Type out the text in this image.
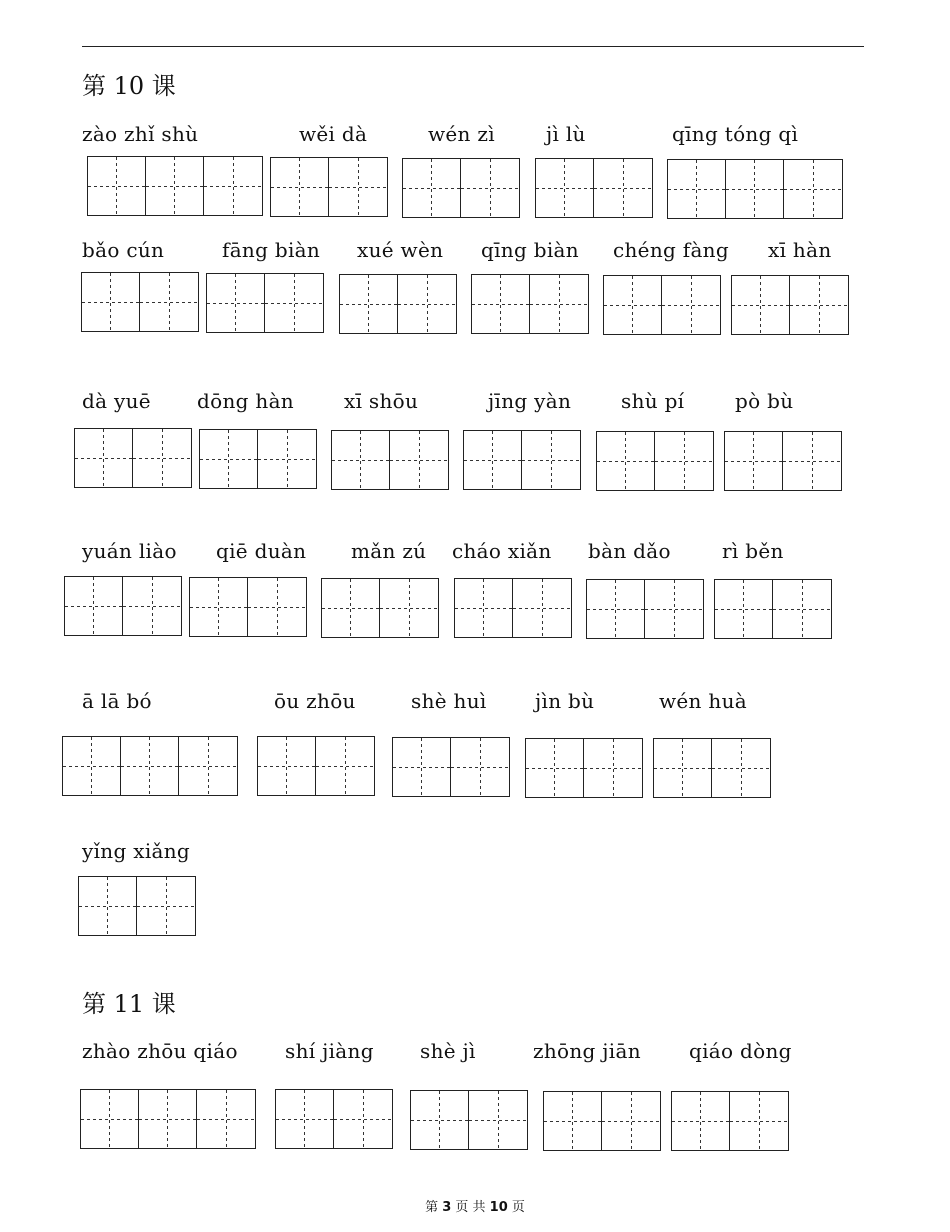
第 10 课
第 11 课
zào zhǐ shù	wěi dà	wén zì	jì lù	qīng tóng qì
bǎo cún	fāng biàn xué wèn qīng biàn chéng fàng xī hàn
dà yuē dōng hàn	xī shōu	jīng yàn shù pí	pò bù
yuán liào qiē duàn mǎn zú cháo xiǎn bàn dǎo	rì běn
ā lā bó	ōu zhōu	shè huì jìn bù	wén huà
yǐng xiǎng
zhào zhōu qiáo shí jiàng shè jì	zhōng jiān qiáo dòng
第 3 页 共 10 页
